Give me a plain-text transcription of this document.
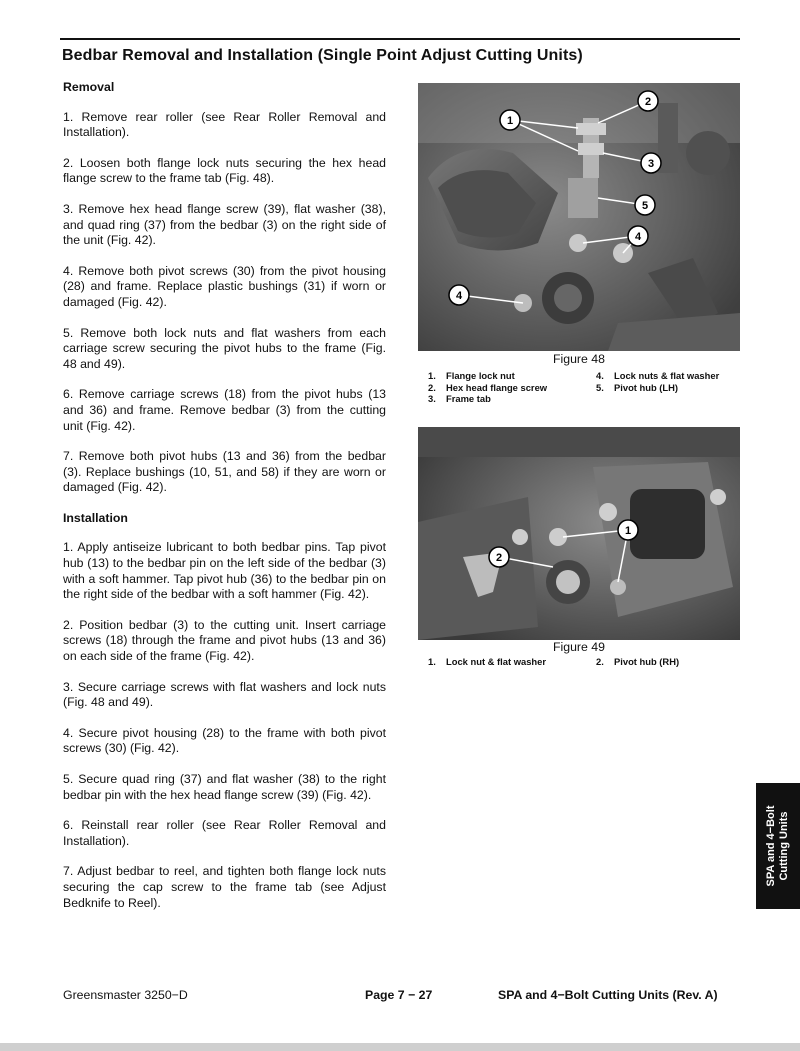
Bedbar Removal and Installation (Single Point Adjust Cutting Units)
Removal

1. Remove rear roller (see Rear Roller Removal and Installation).

2. Loosen both flange lock nuts securing the hex head flange screw to the frame tab (Fig. 48).

3. Remove hex head flange screw (39), flat washer (38), and quad ring (37) from the bedbar (3) on the right side of the unit (Fig. 42).

4. Remove both pivot screws (30) from the pivot housing (28) and frame. Replace plastic bushings (31) if worn or damaged (Fig. 42).

5. Remove both lock nuts and flat washers from each carriage screw securing the pivot hubs to the frame (Fig. 48 and 49).

6. Remove carriage screws (18) from the pivot hubs (13 and 36) and frame. Remove bedbar (3) from the cutting unit (Fig. 42).

7. Remove both pivot hubs (13 and 36) from the bedbar (3). Replace bushings (10, 51, and 58) if they are worn or damaged (Fig. 42).

Installation

1. Apply antiseize lubricant to both bedbar pins. Tap pivot hub (13) to the bedbar pin on the left side of the bedbar (3) with a soft hammer. Tap pivot hub (36) to the bedbar pin on the right side of the bedbar with a soft hammer (Fig. 42).

2. Position bedbar (3) to the cutting unit. Insert carriage screws (18) through the frame and pivot hubs (13 and 36) on each side of the frame (Fig. 42).

3. Secure carriage screws with flat washers and lock nuts (Fig. 48 and 49).

4. Secure pivot housing (28) to the frame with both pivot screws (30) (Fig. 42).

5. Secure quad ring (37) and flat washer (38) to the right bedbar pin with the hex head flange screw (39) (Fig. 42).

6. Reinstall rear roller (see Rear Roller Removal and Installation).

7. Adjust bedbar to reel, and tighten both flange lock nuts securing the cap screw to the frame tab (see Adjust Bedknife to Reel).

1
2
3
5
4
4
Figure 48
1. Flange lock nut
2. Hex head flange screw
3. Frame tab
4. Lock nuts & flat washer
5. Pivot hub (LH)
1
2
Figure 49
1. Lock nut & flat washer	2. Pivot hub (RH)
SPA and 4−Bolt Cutting Units
Greensmaster 3250−D	Page 7 − 27	SPA and 4−Bolt Cutting Units (Rev. A)
